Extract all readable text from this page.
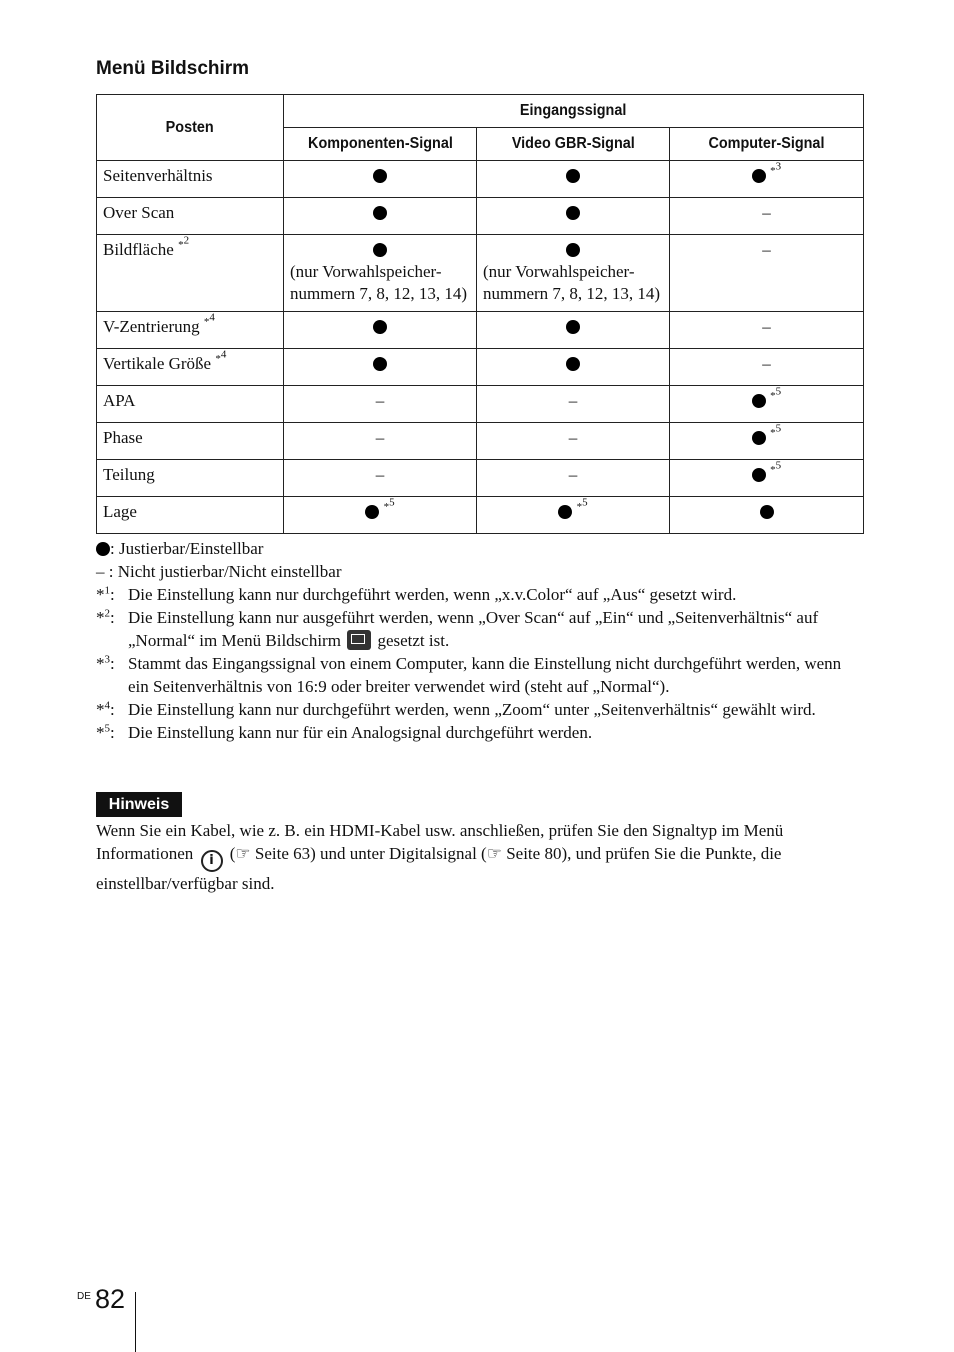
Menü Bildschirm
Posten	Eingangssignal		
	Komponenten-Signal	Video GBR-Signal	Computer-Signal
Seitenverhältnis			$^{*^3}$

Over Scan			–
Bildfläche $^{*^2}$	(nur Vorwahlspeicher-nummern 7, 8, 12, 13, 14)	(nur Vorwahlspeicher-nummern 7, 8, 12, 13, 14)	–
V-Zentrierung $^{*^4}$			–
Vertikale Größe $^{*^4}$			–
APA	–	–	$^{*^5}$

Phase	–	–	$^{*^5}$

Teilung	–	–	$^{*^5}$

Lage	$^{*^5}$	$^{*^5}$

: Justierbar/Einstellbar
– : Nicht justierbar/Nicht einstellbar
*$^1$: Die Einstellung kann nur durchgeführt werden, wenn „x.v.Color“ auf „Aus“ gesetzt wird.
*$^2$: Die Einstellung kann nur ausgeführt werden, wenn „Over Scan“ auf „Ein“ und „Seitenverhältnis“ auf „Normal“ im Menü Bildschirm gesetzt ist.
*$^3$: Stammt das Eingangssignal von einem Computer, kann die Einstellung nicht durchgeführt werden, wenn ein Seitenverhältnis von 16:9 oder breiter verwendet wird (steht auf „Normal“).
*$^4$: Die Einstellung kann nur durchgeführt werden, wenn „Zoom“ unter „Seitenverhältnis“ gewählt wird.
*$^5$: Die Einstellung kann nur für ein Analogsignal durchgeführt werden.
Hinweis
Wenn Sie ein Kabel, wie z. B. ein HDMI-Kabel usw. anschließen, prüfen Sie den Signaltyp im Menü Informationen i (☞ Seite 63) und unter Digitalsignal (☞ Seite 80), und prüfen Sie die Punkte, die einstellbar/verfügbar sind.
DE 82
